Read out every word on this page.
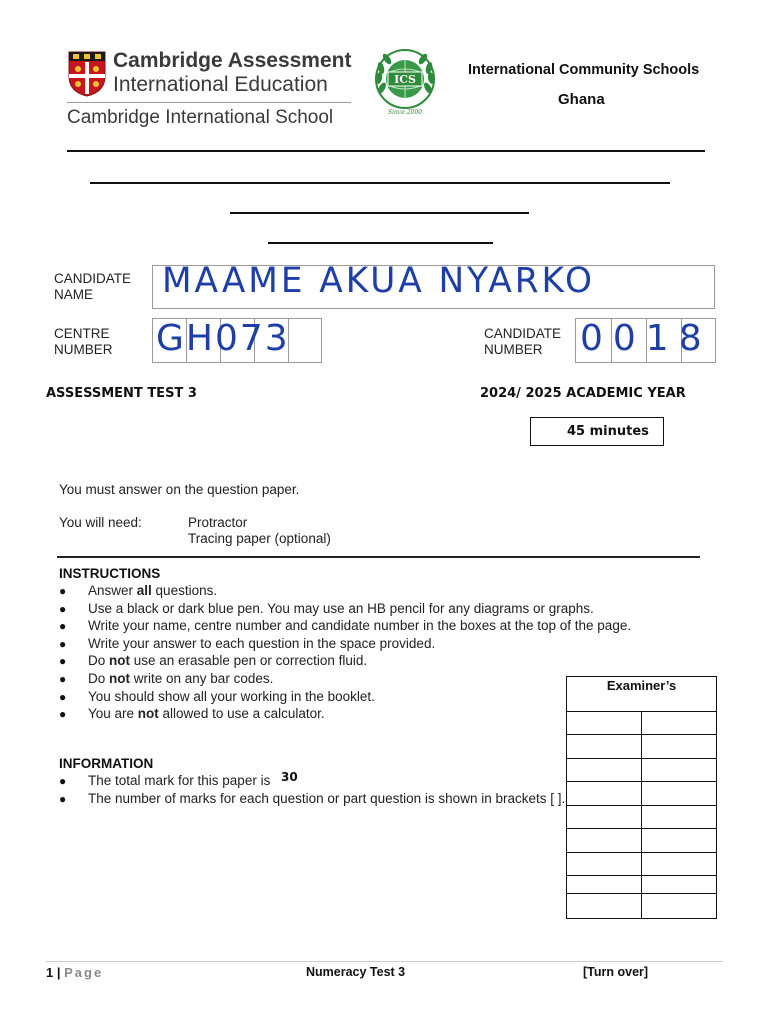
Cambridge Assessment
International Education
Cambridge International School
ICS
Since 2000
International Community Schools
Ghana
CANDIDATE
NAME	MAAME AKUA NYARKO
CENTRE
NUMBER GH073	CANDIDATE
NUMBER	0018
ASSESSMENT TEST 3	2024/ 2025 ACADEMIC YEAR
45 minutes
You must answer on the question paper.
You will need:	Protractor
Tracing paper (optional)
INSTRUCTIONS
● Answer all questions.
● Use a black or dark blue pen. You may use an HB pencil for any diagrams or graphs.
● Write your name, centre number and candidate number in the boxes at the top of the page.
● Write your answer to each question in the space provided.
● Do not use an erasable pen or correction fluid.
● Do not write on any bar codes.
● You should show all your working in the booklet.
● You are not allowed to use a calculator.
INFORMATION
● The total mark for this paper is 30
● The number of marks for each question or part question is shown in brackets [ ].
Examiner’s
1 | Page	Numeracy Test 3	[Turn over]
